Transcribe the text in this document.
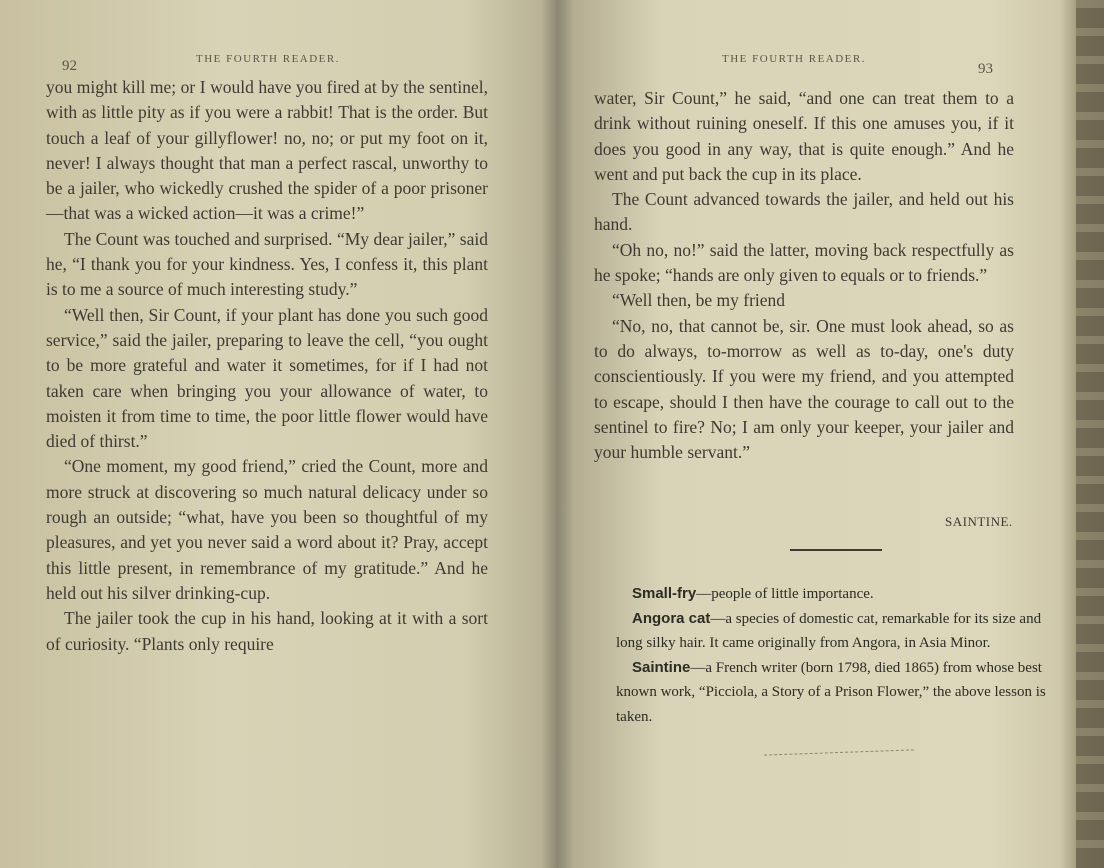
92	THE FOURTH READER.

you might kill me; or I would have you fired at by the sentinel, with as little pity as if you were a rabbit! That is the order. But touch a leaf of your gillyflower! no, no; or put my foot on it, never! I always thought that man a perfect rascal, unworthy to be a jailer, who wickedly crushed the spider of a poor prisoner—that was a wicked action—it was a crime!”

The Count was touched and surprised. “My dear jailer,” said he, “I thank you for your kindness. Yes, I confess it, this plant is to me a source of much interesting study.”

“Well then, Sir Count, if your plant has done you such good service,” said the jailer, preparing to leave the cell, “you ought to be more grateful and water it sometimes, for if I had not taken care when bringing you your allowance of water, to moisten it from time to time, the poor little flower would have died of thirst.”

“One moment, my good friend,” cried the Count, more and more struck at discovering so much natural delicacy under so rough an outside; “what, have you been so thoughtful of my pleasures, and yet you never said a word about it? Pray, accept this little present, in remembrance of my gratitude.” And he held out his silver drinking-cup.

The jailer took the cup in his hand, looking at it with a sort of curiosity. “Plants only require

THE FOURTH READER.
93

water, Sir Count,” he said, “and one can treat them to a drink without ruining oneself. If this one amuses you, if it does you good in any way, that is quite enough.” And he went and put back the cup in its place.

The Count advanced towards the jailer, and held out his hand.

“Oh no, no!” said the latter, moving back respectfully as he spoke; “hands are only given to equals or to friends.”

“Well then, be my friend

“No, no, that cannot be, sir. One must look ahead, so as to do always, to-morrow as well as to-day, one's duty conscientiously. If you were my friend, and you attempted to escape, should I then have the courage to call out to the sentinel to fire? No; I am only your keeper, your jailer and your humble servant.”

SAINTINE.

Small-fry—people of little importance.

Angora cat—a species of domestic cat, remarkable for its size and long silky hair. It came originally from Angora, in Asia Minor.

Saintine—a French writer (born 1798, died 1865) from whose best known work, “Picciola, a Story of a Prison Flower,” the above lesson is taken.
